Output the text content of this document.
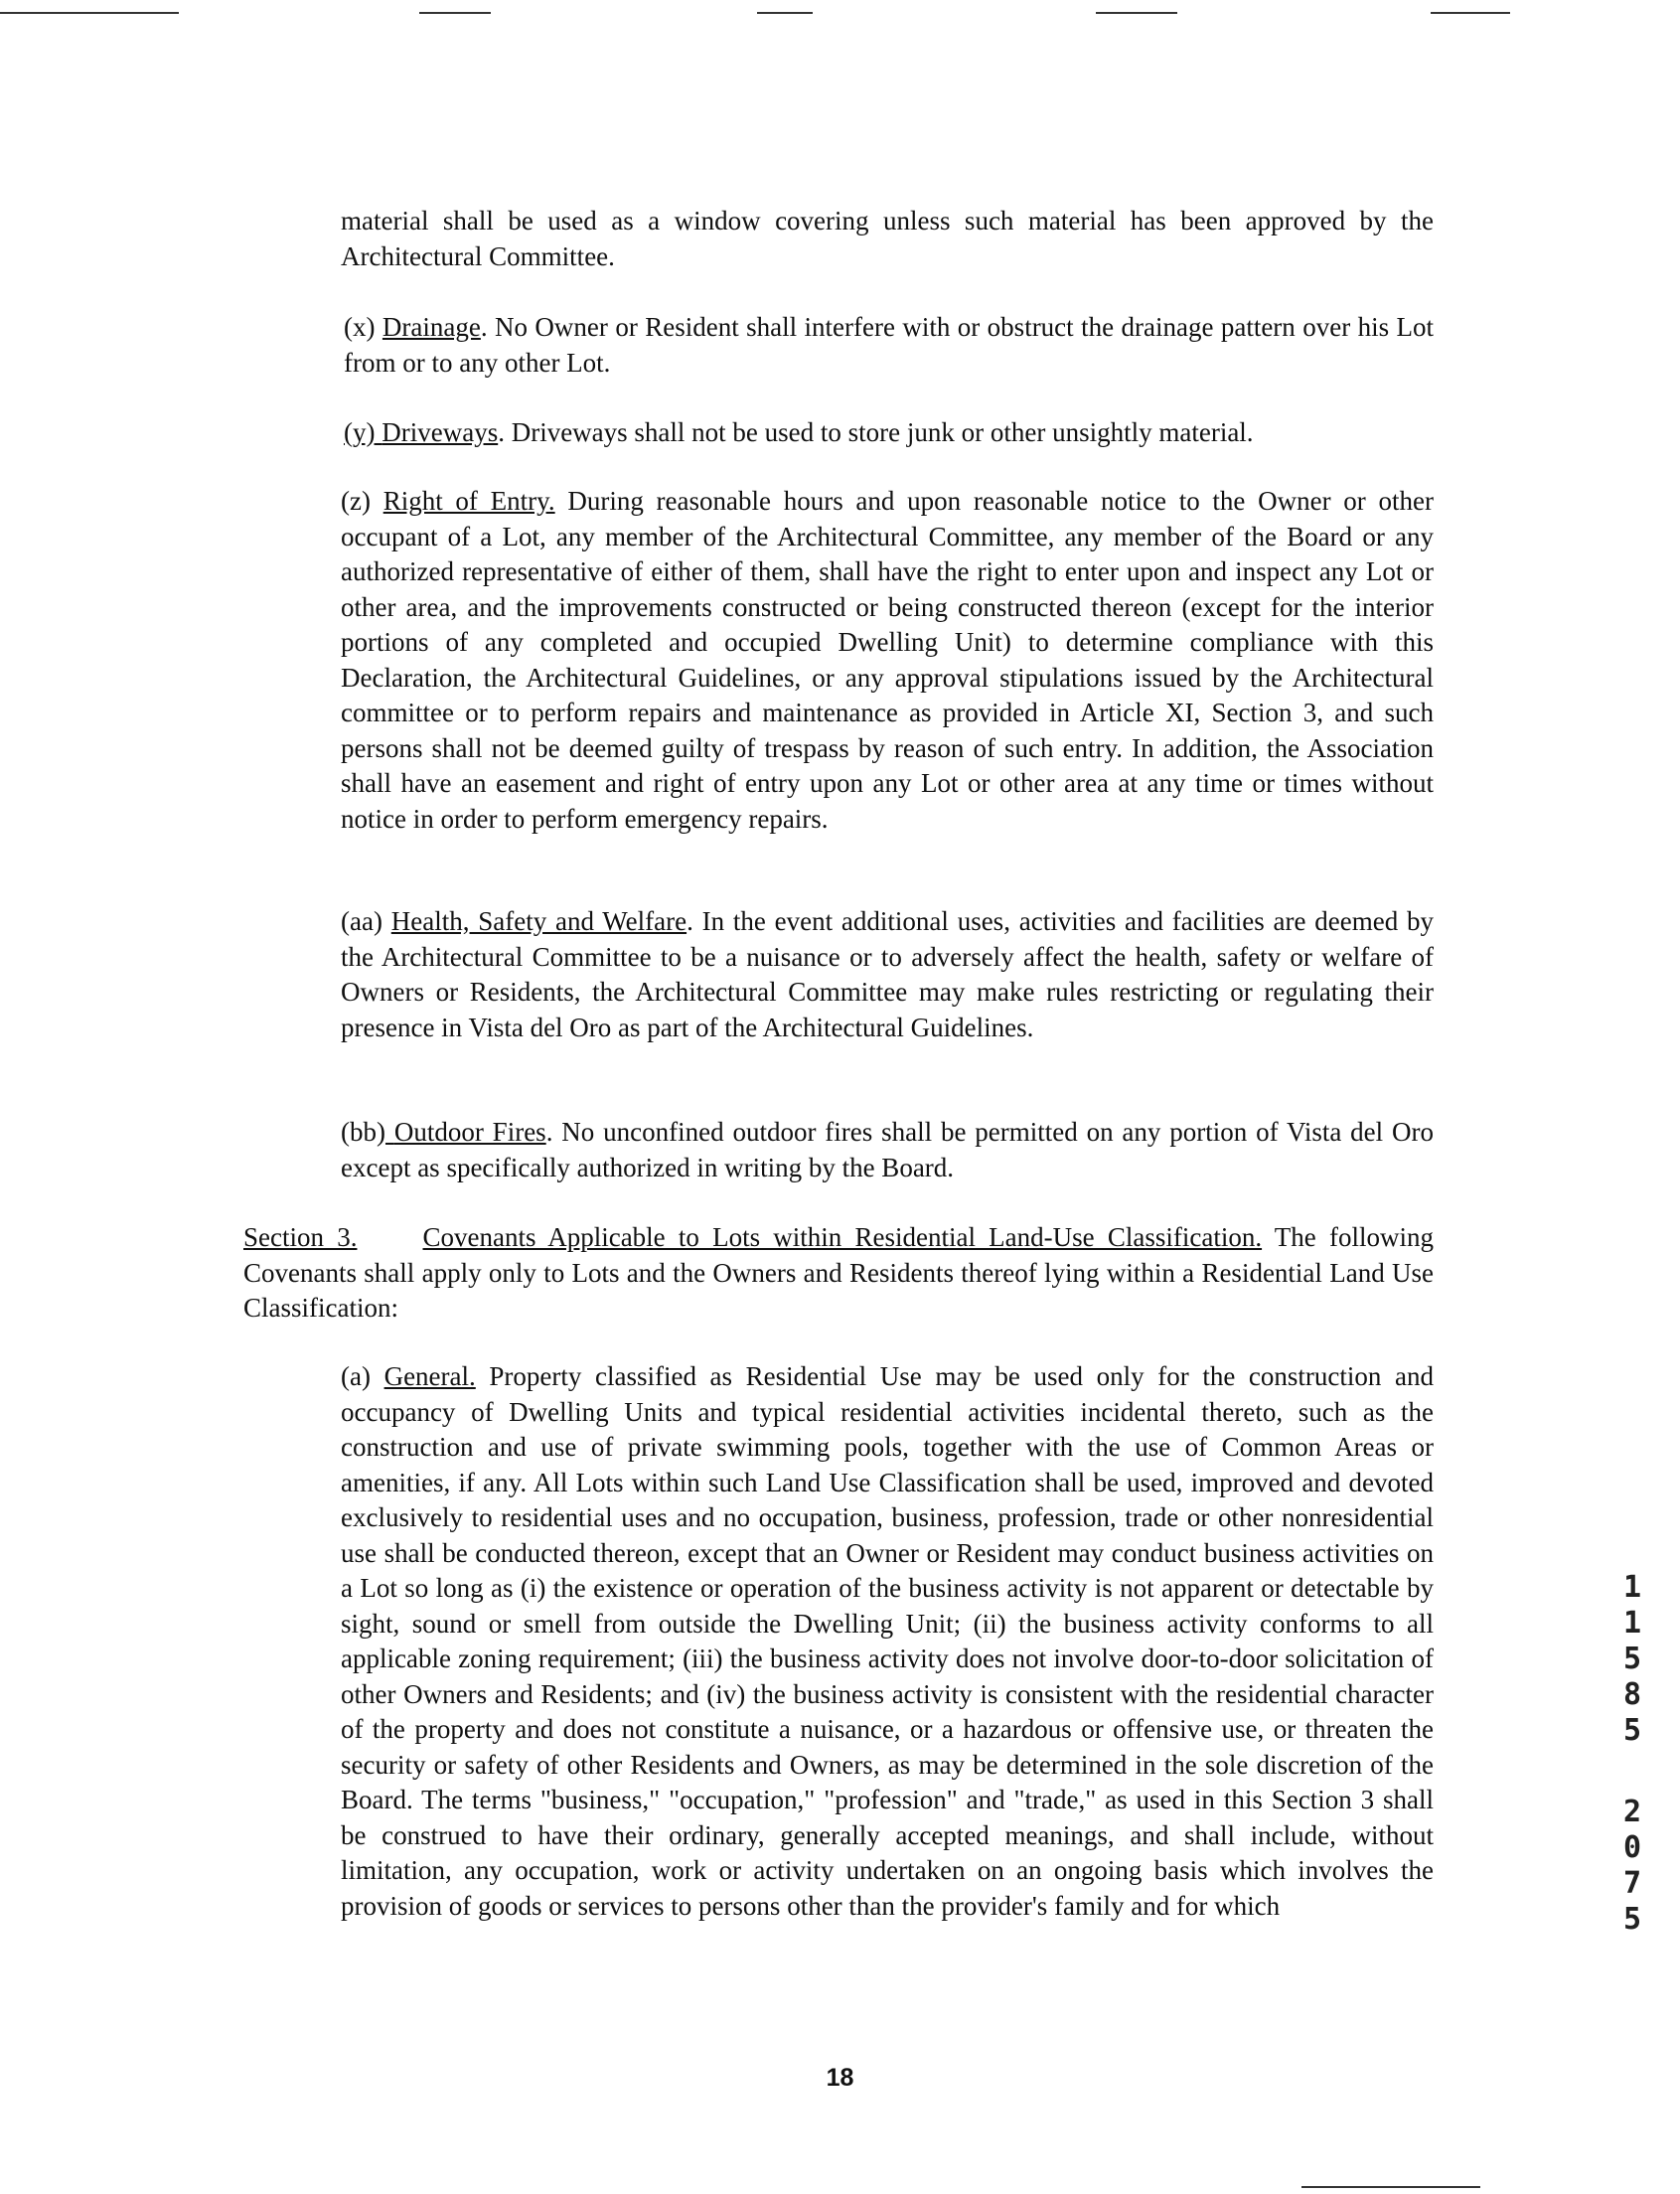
material shall be used as a window covering unless such material has been approved by the Architectural Committee.

(x) Drainage. No Owner or Resident shall interfere with or obstruct the drainage pattern over his Lot from or to any other Lot.

(y) Driveways. Driveways shall not be used to store junk or other unsightly material.

(z) Right of Entry. During reasonable hours and upon reasonable notice to the Owner or other occupant of a Lot, any member of the Architectural Committee, any member of the Board or any authorized representative of either of them, shall have the right to enter upon and inspect any Lot or other area, and the improvements constructed or being constructed thereon (except for the interior portions of any completed and occupied Dwelling Unit) to determine compliance with this Declaration, the Architectural Guidelines, or any approval stipulations issued by the Architectural committee or to perform repairs and maintenance as provided in Article XI, Section 3, and such persons shall not be deemed guilty of trespass by reason of such entry. In addition, the Association shall have an easement and right of entry upon any Lot or other area at any time or times without notice in order to perform emergency repairs.

(aa) Health, Safety and Welfare. In the event additional uses, activities and facilities are deemed by the Architectural Committee to be a nuisance or to adversely affect the health, safety or welfare of Owners or Residents, the Architectural Committee may make rules restricting or regulating their presence in Vista del Oro as part of the Architectural Guidelines.

(bb) Outdoor Fires. No unconfined outdoor fires shall be permitted on any portion of Vista del Oro except as specifically authorized in writing by the Board.

Section 3. Covenants Applicable to Lots within Residential Land-Use Classification. The following Covenants shall apply only to Lots and the Owners and Residents thereof lying within a Residential Land Use Classification:

(a) General. Property classified as Residential Use may be used only for the construction and occupancy of Dwelling Units and typical residential activities incidental thereto, such as the construction and use of private swimming pools, together with the use of Common Areas or amenities, if any. All Lots within such Land Use Classification shall be used, improved and devoted exclusively to residential uses and no occupation, business, profession, trade or other nonresidential use shall be conducted thereon, except that an Owner or Resident may conduct business activities on a Lot so long as (i) the existence or operation of the business activity is not apparent or detectable by sight, sound or smell from outside the Dwelling Unit; (ii) the business activity conforms to all applicable zoning requirement; (iii) the business activity does not involve door-to-door solicitation of other Owners and Residents; and (iv) the business activity is consistent with the residential character of the property and does not constitute a nuisance, or a hazardous or offensive use, or threaten the security or safety of other Residents and Owners, as may be determined in the sole discretion of the Board. The terms "business," "occupation," "profession" and "trade," as used in this Section 3 shall be construed to have their ordinary, generally accepted meanings, and shall include, without limitation, any occupation, work or activity undertaken on an ongoing basis which involves the provision of goods or services to persons other than the provider's family and for which

1
1
5
8
5
2
0
7
5

18
